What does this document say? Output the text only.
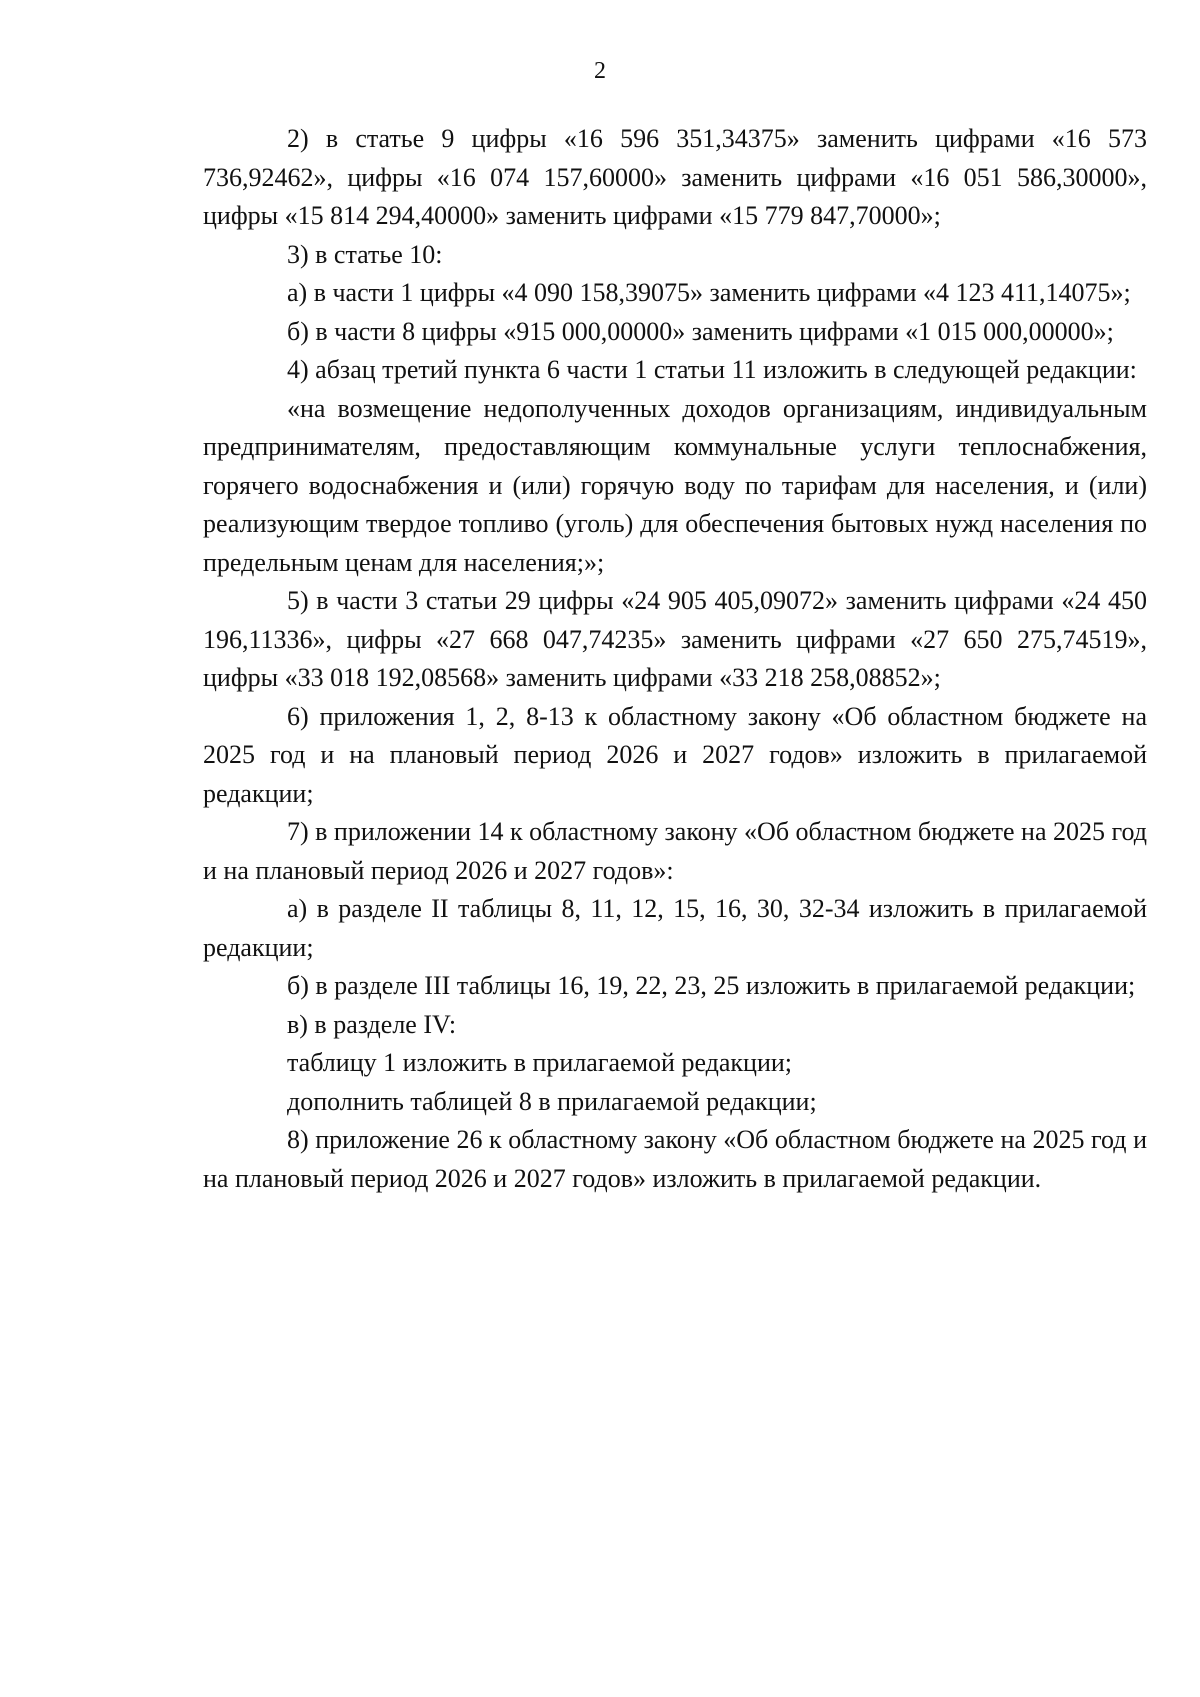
2

2) в статье 9 цифры «16 596 351,34375» заменить цифрами «16 573 736,92462», цифры «16 074 157,60000» заменить цифрами «16 051 586,30000», цифры «15 814 294,40000» заменить цифрами «15 779 847,70000»;

3) в статье 10:

а) в части 1 цифры «4 090 158,39075» заменить цифрами «4 123 411,14075»;

б) в части 8 цифры «915 000,00000» заменить цифрами «1 015 000,00000»;

4) абзац третий пункта 6 части 1 статьи 11 изложить в следующей редакции:

«на возмещение недополученных доходов организациям, индивидуальным предпринимателям, предоставляющим коммунальные услуги теплоснабжения, горячего водоснабжения и (или) горячую воду по тарифам для населения, и (или) реализующим твердое топливо (уголь) для обеспечения бытовых нужд населения по предельным ценам для населения;»;

5) в части 3 статьи 29 цифры «24 905 405,09072» заменить цифрами «24 450 196,11336», цифры «27 668 047,74235» заменить цифрами «27 650 275,74519», цифры «33 018 192,08568» заменить цифрами «33 218 258,08852»;

6) приложения 1, 2, 8-13 к областному закону «Об областном бюджете на 2025 год и на плановый период 2026 и 2027 годов» изложить в прилагаемой редакции;

7) в приложении 14 к областному закону «Об областном бюджете на 2025 год и на плановый период 2026 и 2027 годов»:

а) в разделе II таблицы 8, 11, 12, 15, 16, 30, 32-34 изложить в прилагаемой редакции;

б) в разделе III таблицы 16, 19, 22, 23, 25 изложить в прилагаемой редакции;

в) в разделе IV:

таблицу 1 изложить в прилагаемой редакции;

дополнить таблицей 8 в прилагаемой редакции;

8) приложение 26 к областному закону «Об областном бюджете на 2025 год и на плановый период 2026 и 2027 годов» изложить в прилагаемой редакции.
